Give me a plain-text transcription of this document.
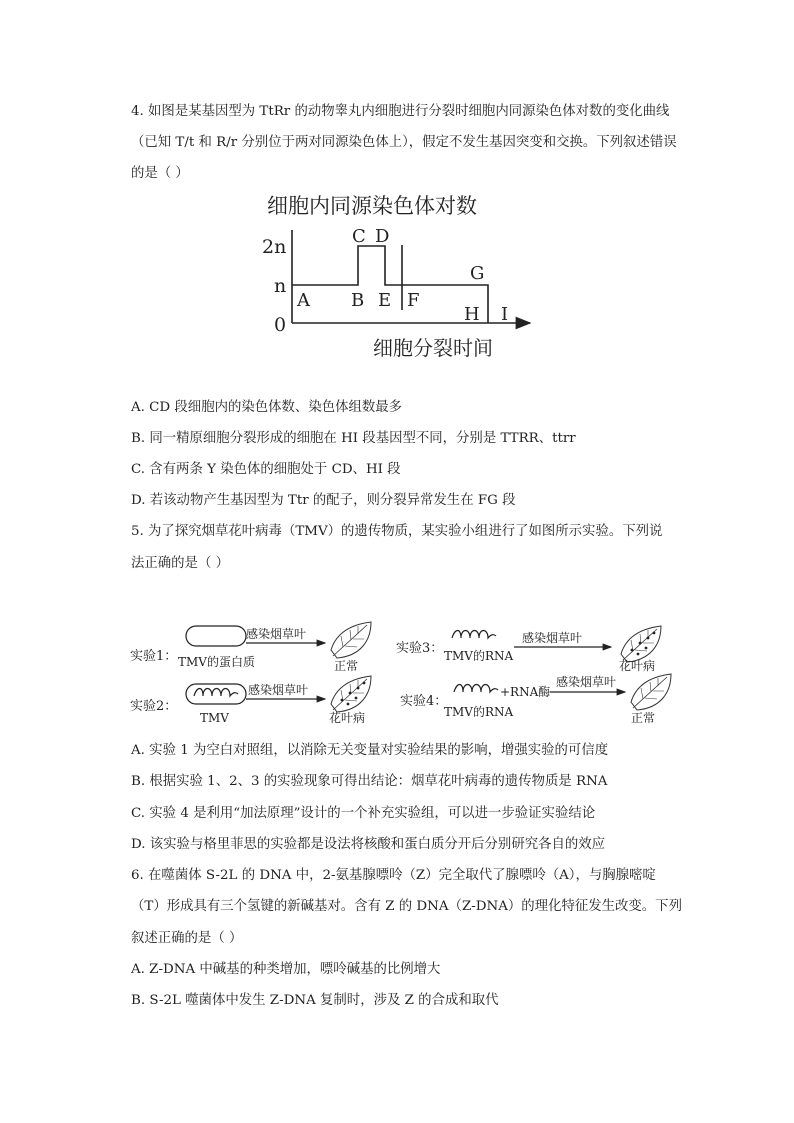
4. 如图是某基因型为 TtRr 的动物睾丸内细胞进行分裂时细胞内同源染色体对数的变化曲线
（已知 T/t 和 R/r 分别位于两对同源染色体上），假定不发生基因突变和交换。下列叙述错误
的是（ ）
细胞内同源染色体对数
2n
n
0
A B
C D
E F
G
H I
细胞分裂时间
A. CD 段细胞内的染色体数、染色体组数最多
B. 同一精原细胞分裂形成的细胞在 HI 段基因型不同，分别是 TTRR、ttrr
C. 含有两条 Y 染色体的细胞处于 CD、HI 段
D. 若该动物产生基因型为 Ttr 的配子，则分裂异常发生在 FG 段
5. 为了探究烟草花叶病毒（TMV）的遗传物质，某实验小组进行了如图所示实验。下列说
法正确的是（ ）
实验1： TMV的蛋白质
感染烟草叶
正常
实验2：
TMV
感染烟草叶
花叶病
实验3： TMV的RNA
感染烟草叶
花叶病
实验4：
+RNA酶
TMV的RNA
感染烟草叶
正常
A. 实验 1 为空白对照组，以消除无关变量对实验结果的影响，增强实验的可信度
B. 根据实验 1、2、3 的实验现象可得出结论：烟草花叶病毒的遗传物质是 RNA
C. 实验 4 是利用“加法原理”设计的一个补充实验组，可以进一步验证实验结论
D. 该实验与格里菲思的实验都是设法将核酸和蛋白质分开后分别研究各自的效应
6. 在噬菌体 S-2L 的 DNA 中，2-氨基腺嘌呤（Z）完全取代了腺嘌呤（A），与胸腺嘧啶
（T）形成具有三个氢键的新碱基对。含有 Z 的 DNA（Z-DNA）的理化特征发生改变。下列
叙述正确的是（ ）
A. Z-DNA 中碱基的种类增加，嘌呤碱基的比例增大
B. S-2L 噬菌体中发生 Z-DNA 复制时，涉及 Z 的合成和取代
